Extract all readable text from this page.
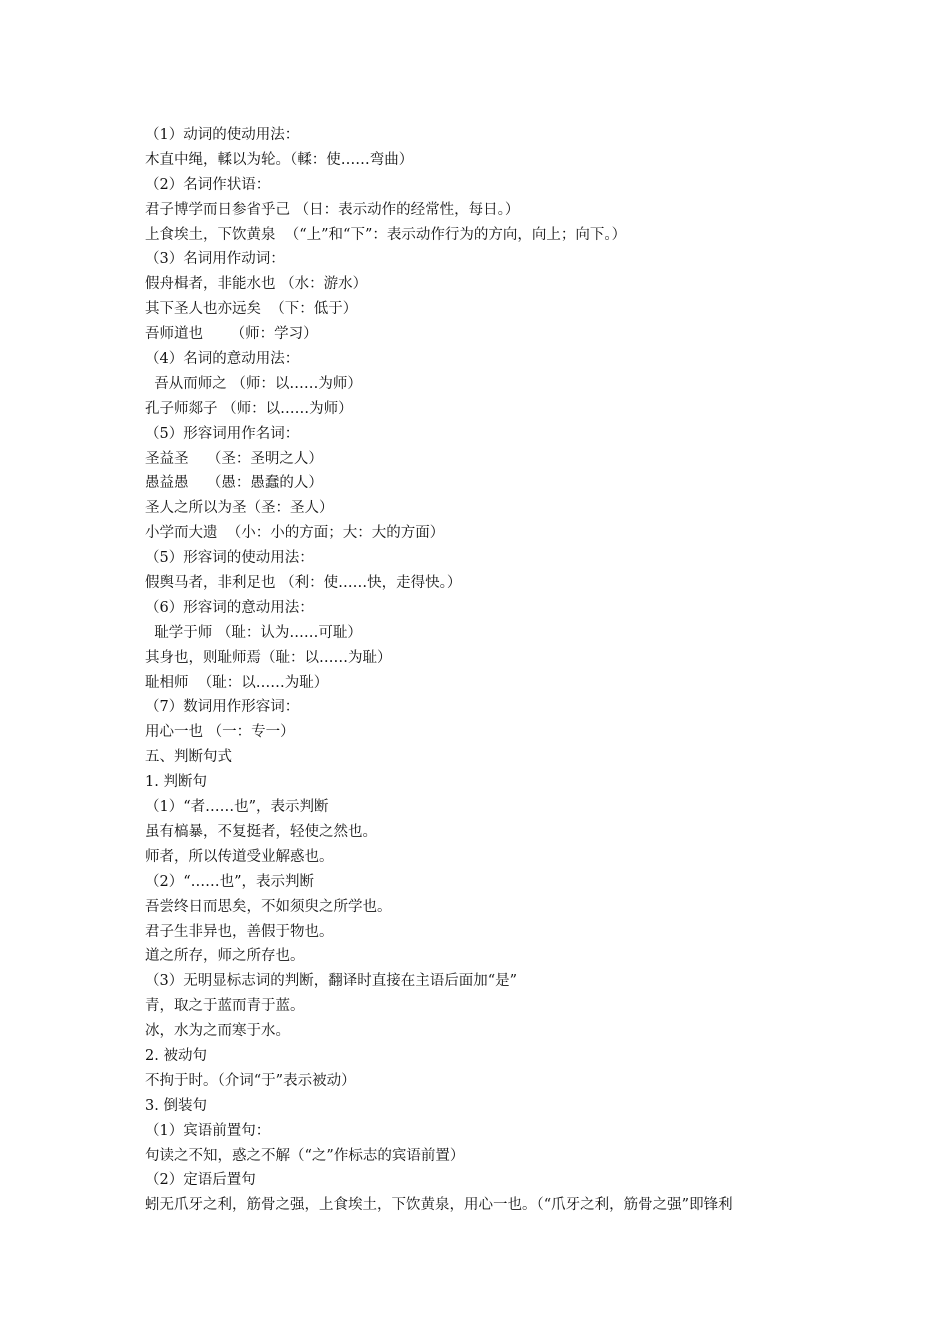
（1）动词的使动用法：
木直中绳，輮以为轮。（輮：使……弯曲）
（2）名词作状语：
君子博学而日参省乎己 （日：表示动作的经常性，每日。）
上食埃土，下饮黄泉  （“上”和“下”：表示动作行为的方向，向上；向下。）
（3）名词用作动词：
假舟楫者，非能水也 （水：游水）
其下圣人也亦远矣  （下：低于）
吾师道也      （师：学习）
（4）名词的意动用法：
吾从而师之 （师：以……为师）
孔子师郯子 （师：以……为师）
（5）形容词用作名词：
圣益圣    （圣：圣明之人）
愚益愚    （愚：愚蠢的人）
圣人之所以为圣（圣：圣人）
小学而大遗  （小：小的方面；大：大的方面）
（5）形容词的使动用法：
假舆马者，非利足也 （利：使……快，走得快。）
（6）形容词的意动用法：
耻学于师 （耻：认为……可耻）
其身也，则耻师焉（耻：以……为耻）
耻相师  （耻：以……为耻）
（7）数词用作形容词：
用心一也 （一：专一）
五、判断句式
1. 判断句
（1）“者……也”，表示判断
虽有槁暴，不复挺者，轻使之然也。
师者，所以传道受业解惑也。
（2）“……也”，表示判断
吾尝终日而思矣，不如须臾之所学也。
君子生非异也，善假于物也。
道之所存，师之所存也。
（3）无明显标志词的判断，翻译时直接在主语后面加“是”
青，取之于蓝而青于蓝。
冰，水为之而寒于水。
2. 被动句
不拘于时。（介词“于”表示被动）
3. 倒装句
（1）宾语前置句：
句读之不知，惑之不解（“之”作标志的宾语前置）
（2）定语后置句
蚓无爪牙之利，筋骨之强，上食埃土，下饮黄泉，用心一也。（“爪牙之利，筋骨之强”即锋利
